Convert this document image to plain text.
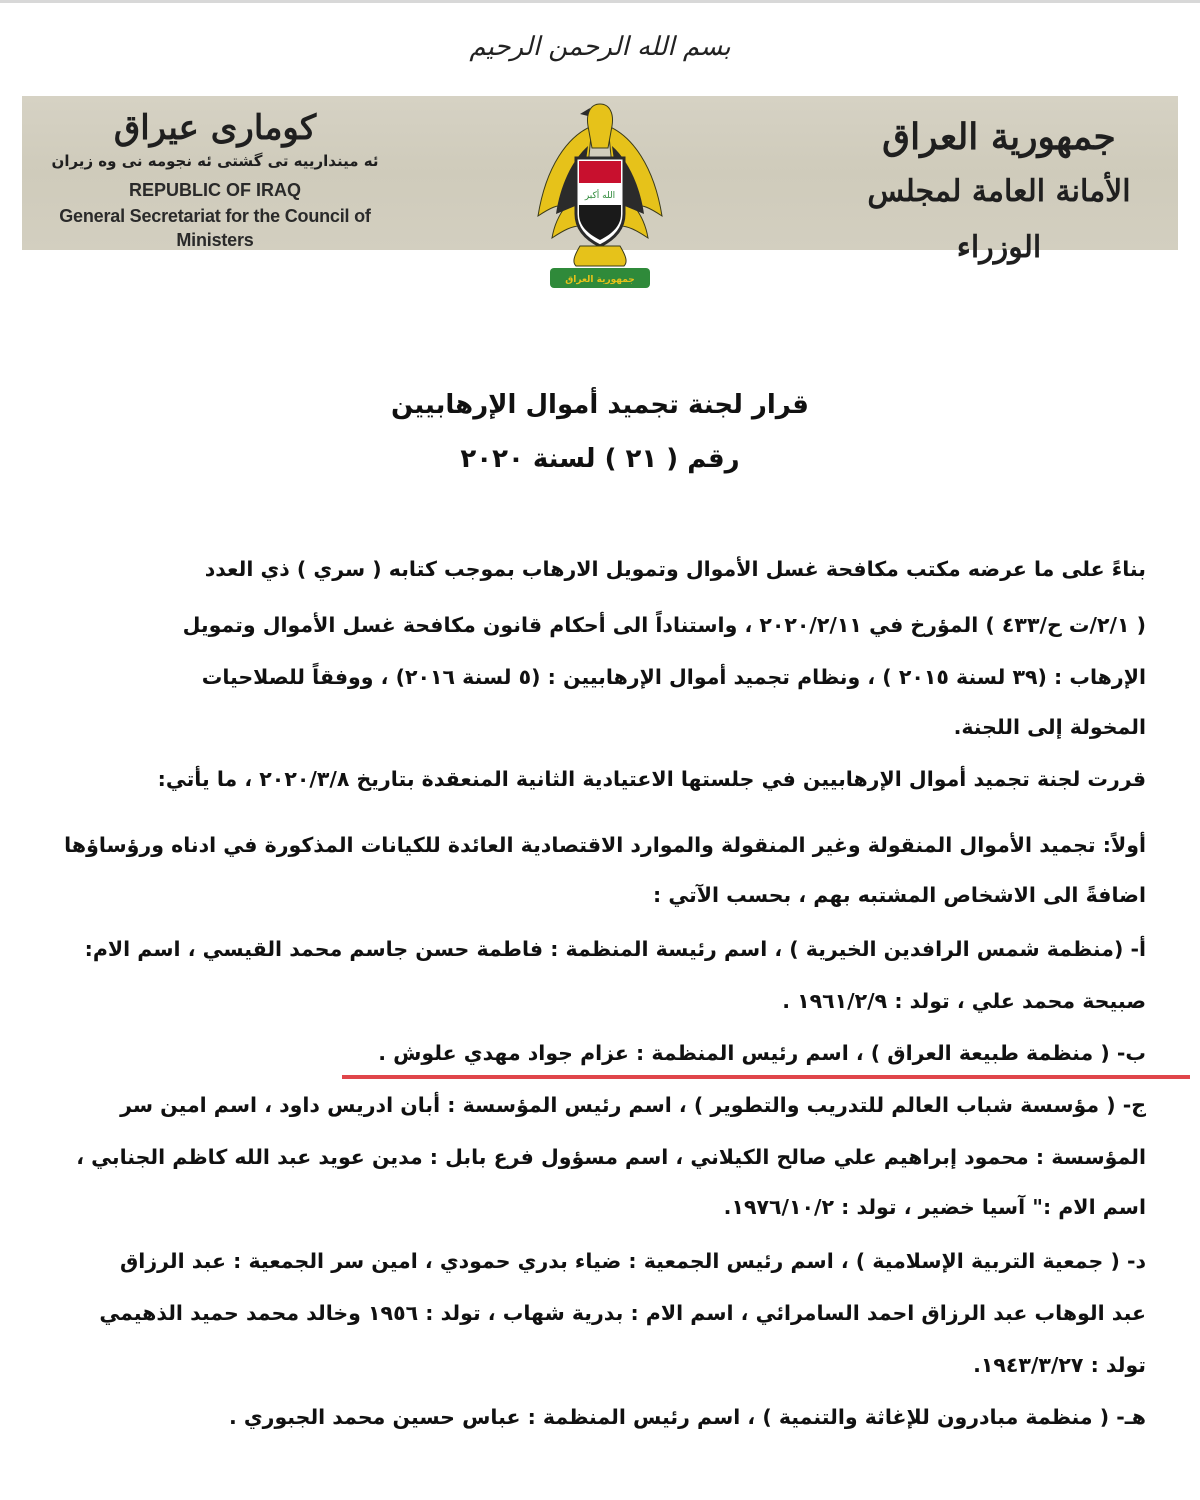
بسم الله الرحمن الرحيم
كوماری عیراق
ئه میندارییه تی گشتی ئه نجومه نی وه زیران
REPUBLIC OF IRAQ
General Secretariat for the Council of Ministers
جمهورية العراق
الأمانة العامة لمجلس الوزراء
الله أكبر
جمهورية العراق
قرار لجنة تجميد أموال الإرهابيين
رقم ( ٢١ ) لسنة ٢٠٢٠
بناءً على ما عرضه مكتب مكافحة غسل الأموال وتمويل الارهاب بموجب كتابه ( سري ) ذي العدد
( ٢/١/ت ح/٤٣٣ ) المؤرخ في ٢٠٢٠/٢/١١ ، واستناداً الى أحكام قانون مكافحة غسل الأموال وتمويل
الإرهاب : (٣٩ لسنة ٢٠١٥ ) ، ونظام تجميد أموال الإرهابيين : (٥ لسنة ٢٠١٦) ، ووفقاً للصلاحيات
المخولة إلى اللجنة.
قررت لجنة تجميد أموال الإرهابيين في جلستها الاعتيادية الثانية المنعقدة بتاريخ ٢٠٢٠/٣/٨ ، ما يأتي:
أولاً: تجميد الأموال المنقولة وغير المنقولة والموارد الاقتصادية العائدة للكيانات المذكورة في ادناه ورؤساؤها
اضافةً الى الاشخاص المشتبه بهم ، بحسب الآتي :
أ- (منظمة شمس الرافدين الخيرية ) ، اسم رئيسة المنظمة : فاطمة حسن جاسم محمد القيسي ، اسم الام:
صبيحة محمد علي ، تولد : ١٩٦١/٢/٩ .
ب- ( منظمة طبيعة العراق ) ، اسم رئيس المنظمة : عزام جواد مهدي علوش .
ج- ( مؤسسة شباب العالم للتدريب والتطوير ) ، اسم رئيس المؤسسة : أبان ادريس داود ، اسم امين سر
المؤسسة : محمود إبراهيم علي صالح الكيلاني ، اسم مسؤول فرع بابل : مدين عويد عبد الله كاظم الجنابي ،
اسم الام :" آسيا خضير ، تولد : ١٩٧٦/١٠/٢.
د- ( جمعية التربية الإسلامية ) ، اسم رئيس الجمعية : ضياء بدري حمودي ، امين سر الجمعية : عبد الرزاق
عبد الوهاب عبد الرزاق احمد السامرائي ، اسم الام : بدرية شهاب ، تولد : ١٩٥٦ وخالد محمد حميد الذهيمي
تولد : ١٩٤٣/٣/٢٧.
هـ- ( منظمة مبادرون للإغاثة والتنمية ) ، اسم رئيس المنظمة : عباس حسين محمد الجبوري .
